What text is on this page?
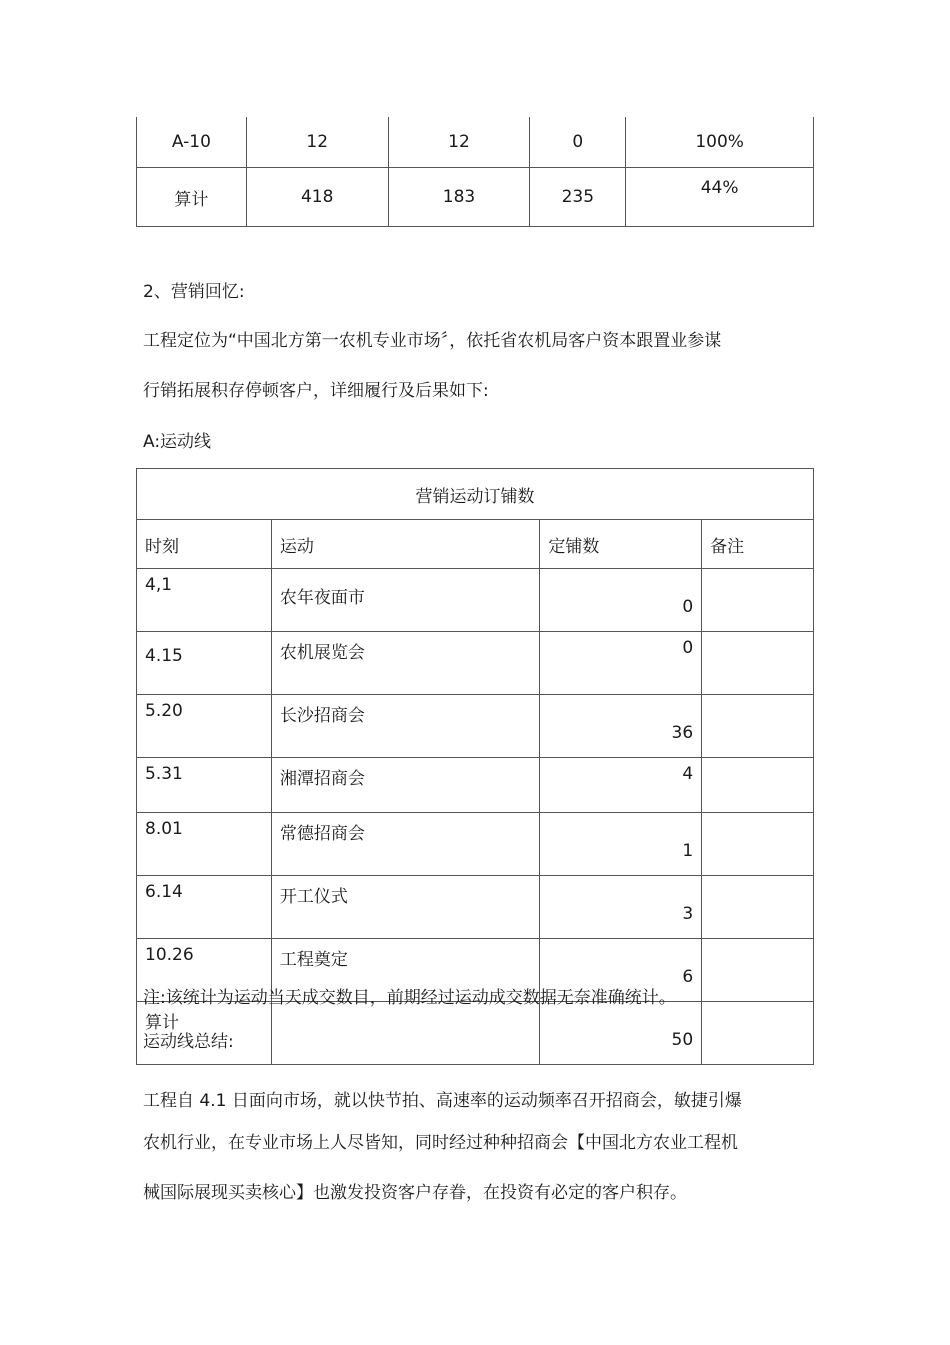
A-10	12	12	0	100%
算计	418	183	235	44%
2、营销回忆:
工程定位为“中国北方第一农机专业市场〞，依托省农机局客户资本跟置业参谋
行销拓展积存停顿客户，详细履行及后果如下:
A:运动线
营销运动订铺数			
时刻	运动	定铺数	备注
4,1	农年夜面市	0	
4.15	农机展览会	0	
5.20	长沙招商会	36	
5.31	湘潭招商会	4	
8.01	常德招商会	1	
6.14	开工仪式	3	
10.26	工程奠定	6	
算计		50	
注:该统计为运动当天成交数目，前期经过运动成交数据无奈准确统计。
运动线总结:
工程自 4.1 日面向市场，就以快节拍、高速率的运动频率召开招商会，敏捷引爆
农机行业，在专业市场上人尽皆知，同时经过种种招商会【中国北方农业工程机
械国际展现买卖核心】也激发投资客户存眷，在投资有必定的客户积存。
